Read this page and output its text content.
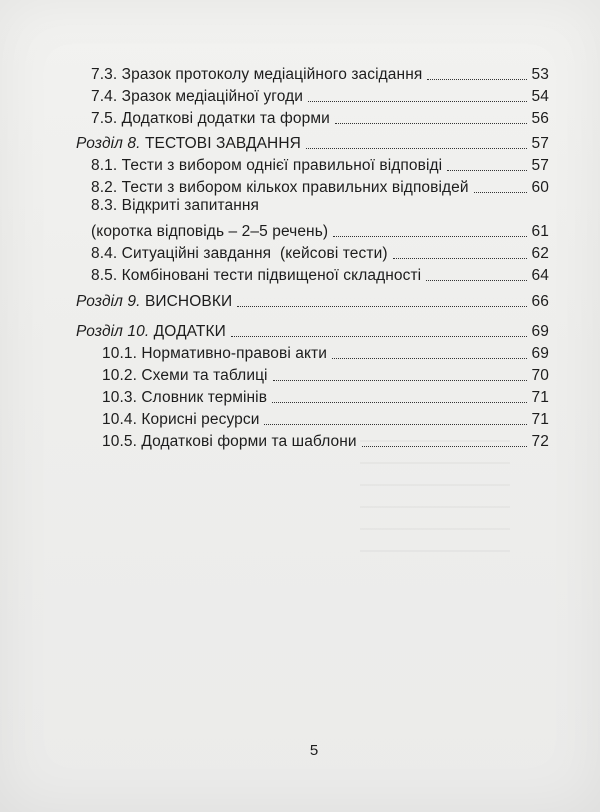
7.3. Зразок протоколу медіаційного засідання	53
7.4. Зразок медіаційної угоди	54
7.5. Додаткові додатки та форми	56
Розділ 8. ТЕСТОВІ ЗАВДАННЯ	57
8.1. Тести з вибором однієї правильної відповіді	57
8.2. Тести з вибором кількох правильних відповідей	60
8.3. Відкриті запитання
(коротка відповідь – 2–5 речень)	61
8.4. Ситуаційні завдання  (кейсові тести)	62
8.5. Комбіновані тести підвищеної складності	64
Розділ 9. ВИСНОВКИ	66
Розділ 10. ДОДАТКИ	69
10.1. Нормативно-правові акти	69
10.2. Схеми та таблиці	70
10.3. Словник термінів	71
10.4. Корисні ресурси	71
10.5. Додаткові форми та шаблони	72
5
